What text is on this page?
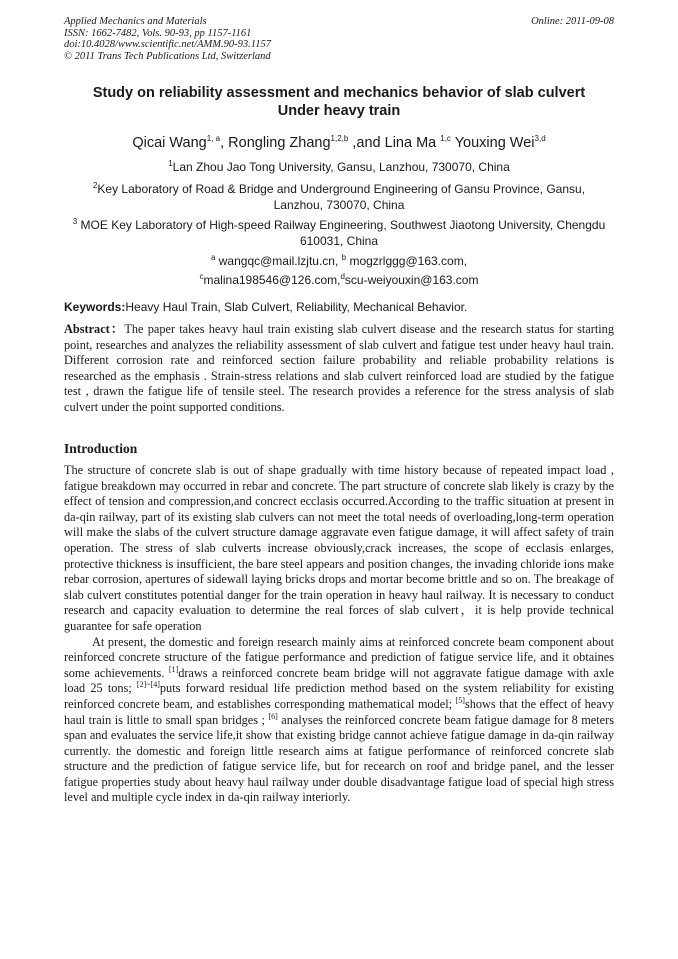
Applied Mechanics and Materials
ISSN: 1662-7482, Vols. 90-93, pp 1157-1161
doi:10.4028/www.scientific.net/AMM.90-93.1157
© 2011 Trans Tech Publications Ltd, Switzerland
Online: 2011-09-08
Study on reliability assessment and mechanics behavior of slab culvert
Under heavy train
Qicai Wang$^{1, a}$, Rongling Zhang$^{1,2,b}$ ,and Lina Ma $^{1,c}$ Youxing Wei$^{3,d}$
$^1$Lan Zhou Jao Tong University, Gansu, Lanzhou, 730070, China
$^2$Key Laboratory of Road & Bridge and Underground Engineering of Gansu Province, Gansu,
Lanzhou, 730070, China
$^3$ MOE Key Laboratory of High-speed Railway Engineering, Southwest Jiaotong University, Chengdu
610031, China
$^a$ wangqc@mail.lzjtu.cn, $^b$ mogzrlggg@163.com,
$^c$malina198546@126.com,$^d$scu-weiyouxin@163.com
Keywords:Heavy Haul Train, Slab Culvert, Reliability, Mechanical Behavior.
Abstract：The paper takes heavy haul train existing slab culvert disease and the research status for starting point, researches and analyzes the reliability assessment of slab culvert and fatigue test under heavy haul train. Different corrosion rate and reinforced section failure probability and reliable probability relations is researched as the emphasis . Strain-stress relations and slab culvert reinforced load are studied by the fatigue test , drawn the fatigue life of tensile steel. The research provides a reference for the stress analysis of slab culvert under the point supported conditions.
Introduction

The structure of concrete slab is out of shape gradually with time history because of repeated impact load , fatigue breakdown may occurred in rebar and concrete. The part structure of concrete slab likely is crazy by the effect of tension and compression,and concrect ecclasis occurred.According to the traffic situation at present in da-qin railway, part of its existing slab culvers can not meet the total needs of overloading,long-term operation will make the slabs of the culvert structure damage aggravate even fatigue damage, it will affect safety of train operation. The stress of slab culverts increase obviously,crack increases, the scope of ecclasis enlarges, protective thickness is insufficient, the bare steel appears and position changes, the invading chloride ions make rebar corrosion, apertures of sidewall laying bricks drops and mortar become brittle and so on. The breakage of slab culvert constitutes potential danger for the train operation in heavy haul railway. It is necessary to conduct research and capacity evaluation to determine the real forces of slab culvert，it is help provide technical guarantee for safe operation

At present, the domestic and foreign research mainly aims at reinforced concrete beam component about reinforced concrete structure of the fatigue performance and prediction of fatigue service life, and it obtaines some achievements. [1]draws a reinforced concrete beam bridge will not aggravate fatigue damage with axle load 25 tons; [2]~[4]puts forward residual life prediction method based on the system reliability for existing reinforced concrete beam, and establishes corresponding mathematical model; [5]shows that the effect of heavy haul train is little to small span bridges ; [6] analyses the reinforced concrete beam fatigue damage for 8 meters span and evaluates the service life,it show that existing bridge cannot achieve fatigue damage in da-qin railway currently. the domestic and foreign little research aims at fatigue performance of reinforced concrete slab structure and the prediction of fatigue service life, but for recearch on roof and bridge panel, and the lesser fatigue properties study about heavy haul railway under double disadvantage fatigue load of special high stress level and multiple cycle index in da-qin railway interiorly.
